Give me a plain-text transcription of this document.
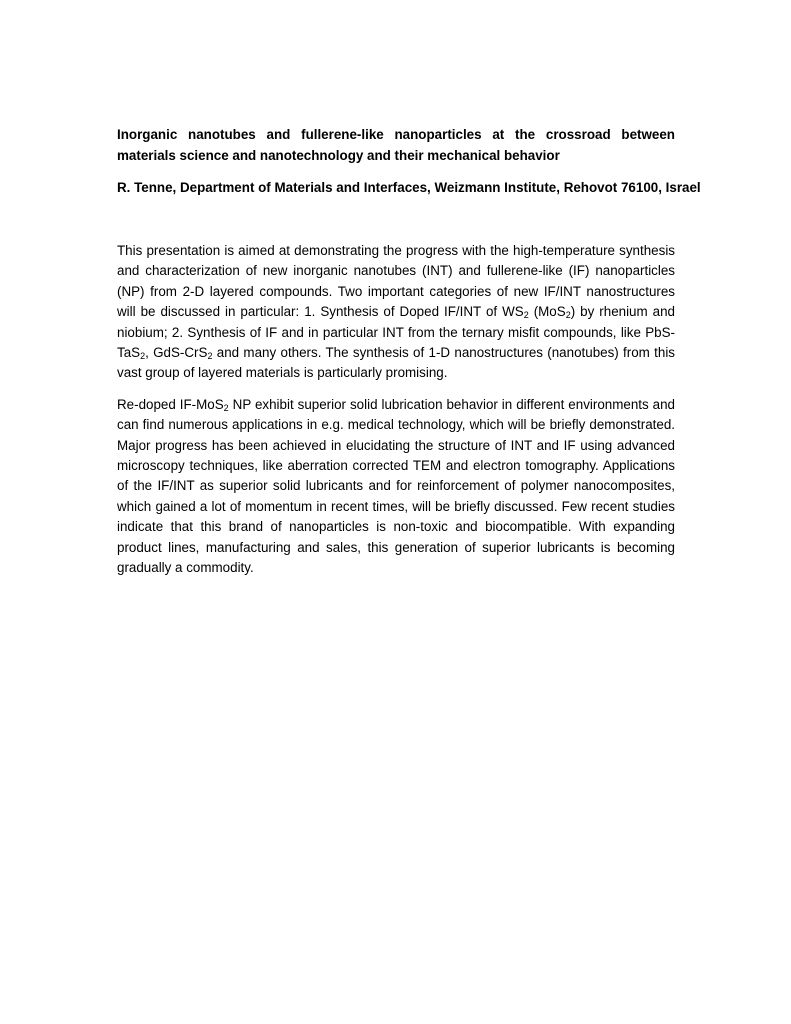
Inorganic nanotubes and fullerene-like nanoparticles at the crossroad between materials science and nanotechnology and their mechanical behavior

R. Tenne, Department of Materials and Interfaces, Weizmann Institute, Rehovot 76100, Israel

This presentation is aimed at demonstrating the progress with the high-temperature synthesis and characterization of new inorganic nanotubes (INT) and fullerene-like (IF) nanoparticles (NP) from 2-D layered compounds. Two important categories of new IF/INT nanostructures will be discussed in particular: 1. Synthesis of Doped IF/INT of $WS_2$ (MoS$_2$) by rhenium and niobium; 2. Synthesis of IF and in particular INT from the ternary misfit compounds, like PbS-TaS$_2$, GdS-CrS$_2$ and many others. The synthesis of 1-D nanostructures (nanotubes) from this vast group of layered materials is particularly promising.

Re-doped IF-MoS$_2$ NP exhibit superior solid lubrication behavior in different environments and can find numerous applications in e.g. medical technology, which will be briefly demonstrated. Major progress has been achieved in elucidating the structure of INT and IF using advanced microscopy techniques, like aberration corrected TEM and electron tomography. Applications of the IF/INT as superior solid lubricants and for reinforcement of polymer nanocomposites, which gained a lot of momentum in recent times, will be briefly discussed. Few recent studies indicate that this brand of nanoparticles is non-toxic and biocompatible. With expanding product lines, manufacturing and sales, this generation of superior lubricants is becoming gradually a commodity.
